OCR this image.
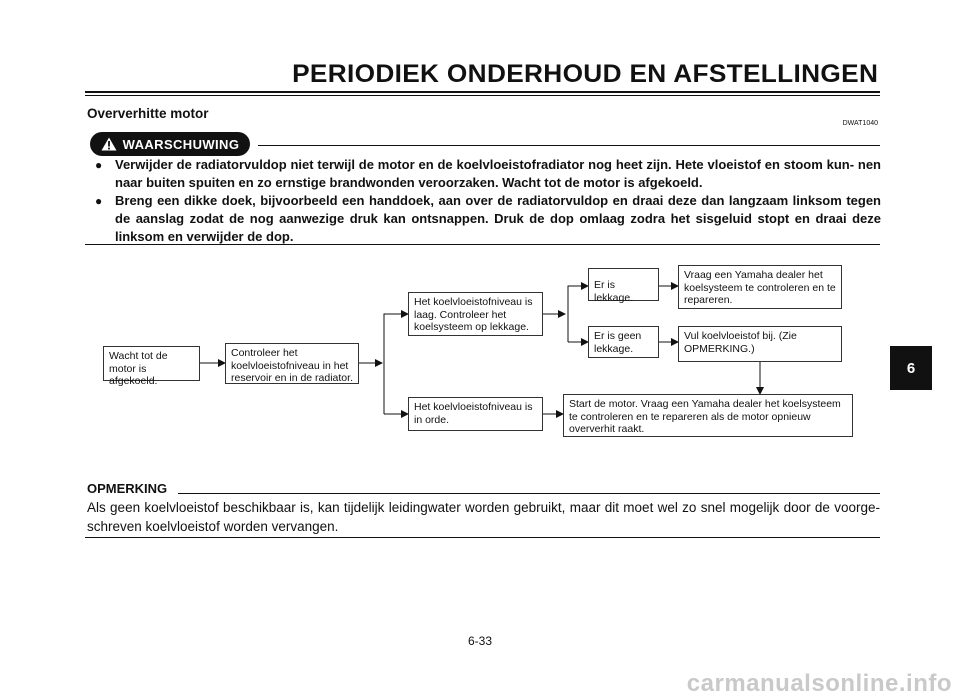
PERIODIEK ONDERHOUD EN AFSTELLINGEN
Oververhitte motor
DWAT1040
WAARSCHUWING
● Verwijder de radiatorvuldop niet terwijl de motor en de koelvloeistofradiator nog heet zijn. Hete vloeistof en stoom kun- nen naar buiten spuiten en zo ernstige brandwonden veroorzaken. Wacht tot de motor is afgekoeld.
● Breng een dikke doek, bijvoorbeeld een handdoek, aan over de radiatorvuldop en draai deze dan langzaam linksom tegen de aanslag zodat de nog aanwezige druk kan ontsnappen. Druk de dop omlaag zodra het sisgeluid stopt en draai deze linksom en verwijder de dop.
Wacht tot de motor is afgekoeld.
Controleer het koelvloeistofniveau in het reservoir en in de radiator.
Het koelvloeistofniveau is laag. Controleer het koelsysteem op lekkage.
Het koelvloeistofniveau is in orde.
Er is lekkage.
Er is geen lekkage.
Vraag een Yamaha dealer het koelsysteem te controleren en te repareren.
Vul koelvloeistof bij. (Zie OPMERKING.)
Start de motor. Vraag een Yamaha dealer het koelsysteem te controleren en te repareren als de motor opnieuw oververhit raakt.
OPMERKING
Als geen koelvloeistof beschikbaar is, kan tijdelijk leidingwater worden gebruikt, maar dit moet wel zo snel mogelijk door de voorge- schreven koelvloeistof worden vervangen.
6
6-33
carmanualsonline.info
